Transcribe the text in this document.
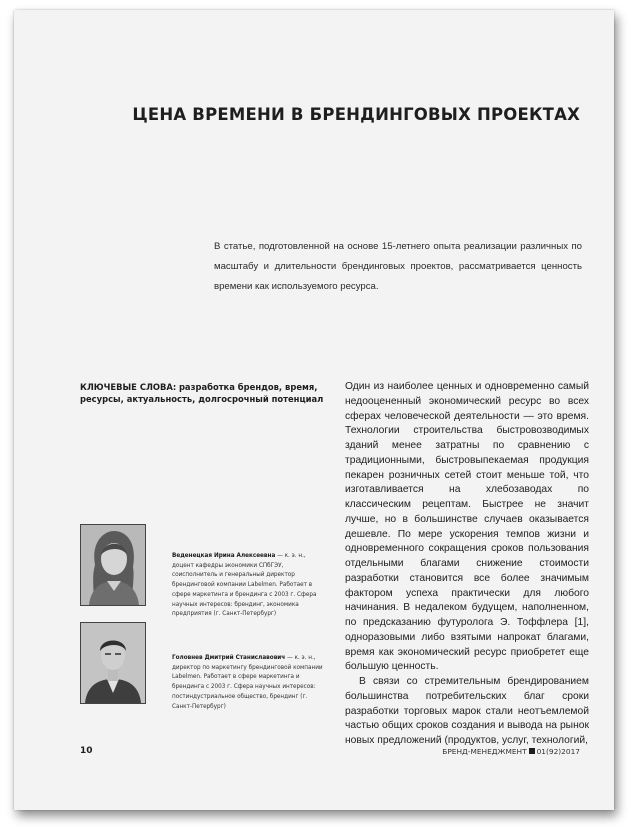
ЦЕНА ВРЕМЕНИ В БРЕНДИНГОВЫХ ПРОЕКТАХ
В статье, подготовленной на основе 15-летнего опыта реализации различных по масштабу и длительности брендинговых проектов, рассматривается ценность времени как используемого ресурса.
КЛЮЧЕВЫЕ СЛОВА: разработка брендов, время, ресурсы, актуальность, долгосрочный потенциал

Один из наиболее ценных и одновременно самый недооцененный экономический ресурс во всех сферах человеческой деятельности — это время. Технологии строительства быстровозводимых зданий менее затратны по сравнению с традиционными, быстровыпекаемая продукция пекарен розничных сетей стоит меньше той, что изготавливается на хлебозаводах по классическим рецептам. Быстрее не значит лучше, но в большинстве случаев оказывается дешевле. По мере ускорения темпов жизни и одновременного сокращения сроков пользования отдельными благами снижение стоимости разработки становится все более значимым фактором успеха практически для любого начинания. В недалеком будущем, наполненном, по предсказанию футуролога Э. Тоффлера [1], одноразовыми либо взятыми напрокат благами, время как экономический ресурс приобретет еще большую ценность.

В связи со стремительным брендированием большинства потребительских благ сроки разработки торговых марок стали неотъемлемой частью общих сроков создания и вывода на рынок новых предложений (продуктов, услуг, технологий,

Веденецкая Ирина Алексеевна — к. э. н., доцент кафедры экономики СПбГЭУ, cоисполнитель и генеральный директор брендинговой компании Labelmen. Работает в сфере маркетинга и брендинга с 2003 г. Сфера научных интересов: брендинг, экономика предприятия (г. Санкт-Петербург)
Головнев Дмитрий Станиславович — к. э. н., директор по маркетингу брендинговой компании Labelmen. Работает в сфере маркетинга и брендинга с 2003 г. Сфера научных интересов: постиндустриальное общество, брендинг (г. Санкт-Петербург)
10	БРЕНД-МЕНЕДЖМЕНТ 01(92)2017
